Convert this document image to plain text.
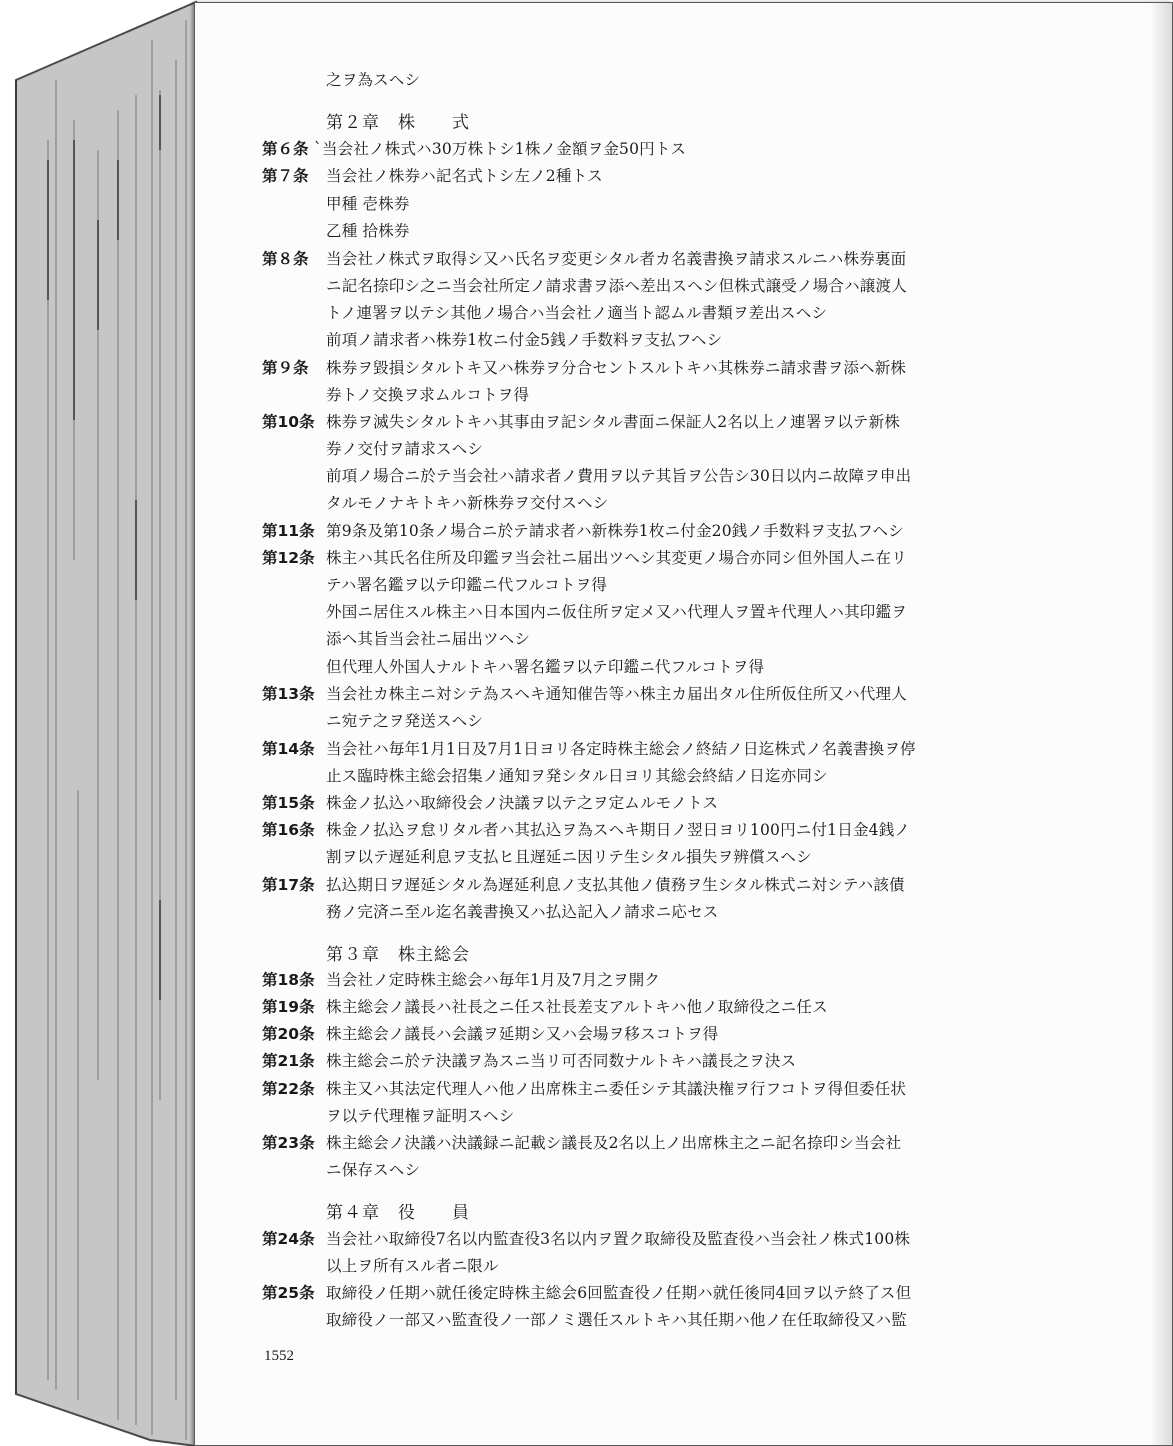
之ヲ為スヘシ
第２章　株　　式
第６条 `当会社ノ株式ハ30万株トシ1株ノ金額ヲ金50円トス
第７条 当会社ノ株券ハ記名式トシ左ノ2種トス
甲種 壱株券
乙種 拾株券
第８条 当会社ノ株式ヲ取得シ又ハ氏名ヲ変更シタル者カ名義書換ヲ請求スルニハ株券裏面
ニ記名捺印シ之ニ当会社所定ノ請求書ヲ添ヘ差出スヘシ但株式譲受ノ場合ハ譲渡人
トノ連署ヲ以テシ其他ノ場合ハ当会社ノ適当ト認ムル書類ヲ差出スヘシ
前項ノ請求者ハ株券1枚ニ付金5銭ノ手数料ヲ支払フヘシ
第９条 株券ヲ毀損シタルトキ又ハ株券ヲ分合セントスルトキハ其株券ニ請求書ヲ添ヘ新株
券トノ交換ヲ求ムルコトヲ得
第10条 株券ヲ滅失シタルトキハ其事由ヲ記シタル書面ニ保証人2名以上ノ連署ヲ以テ新株
券ノ交付ヲ請求スヘシ
前項ノ場合ニ於テ当会社ハ請求者ノ費用ヲ以テ其旨ヲ公告シ30日以内ニ故障ヲ申出
タルモノナキトキハ新株券ヲ交付スヘシ
第11条 第9条及第10条ノ場合ニ於テ請求者ハ新株券1枚ニ付金20銭ノ手数料ヲ支払フヘシ
第12条 株主ハ其氏名住所及印鑑ヲ当会社ニ届出ツヘシ其変更ノ場合亦同シ但外国人ニ在リ
テハ署名鑑ヲ以テ印鑑ニ代フルコトヲ得
外国ニ居住スル株主ハ日本国内ニ仮住所ヲ定メ又ハ代理人ヲ置キ代理人ハ其印鑑ヲ
添ヘ其旨当会社ニ届出ツヘシ
但代理人外国人ナルトキハ署名鑑ヲ以テ印鑑ニ代フルコトヲ得
第13条 当会社カ株主ニ対シテ為スヘキ通知催告等ハ株主カ届出タル住所仮住所又ハ代理人
ニ宛テ之ヲ発送スヘシ
第14条 当会社ハ毎年1月1日及7月1日ヨリ各定時株主総会ノ終結ノ日迄株式ノ名義書換ヲ停
止ス臨時株主総会招集ノ通知ヲ発シタル日ヨリ其総会終結ノ日迄亦同シ
第15条 株金ノ払込ハ取締役会ノ決議ヲ以テ之ヲ定ムルモノトス
第16条 株金ノ払込ヲ怠リタル者ハ其払込ヲ為スヘキ期日ノ翌日ヨリ100円ニ付1日金4銭ノ
割ヲ以テ遅延利息ヲ支払ヒ且遅延ニ因リテ生シタル損失ヲ辨償スヘシ
第17条 払込期日ヲ遅延シタル為遅延利息ノ支払其他ノ債務ヲ生シタル株式ニ対シテハ該債
務ノ完済ニ至ル迄名義書換又ハ払込記入ノ請求ニ応セス
第３章　株主総会
第18条 当会社ノ定時株主総会ハ毎年1月及7月之ヲ開ク
第19条 株主総会ノ議長ハ社長之ニ任ス社長差支アルトキハ他ノ取締役之ニ任ス
第20条 株主総会ノ議長ハ会議ヲ延期シ又ハ会場ヲ移スコトヲ得
第21条 株主総会ニ於テ決議ヲ為スニ当リ可否同数ナルトキハ議長之ヲ決ス
第22条 株主又ハ其法定代理人ハ他ノ出席株主ニ委任シテ其議決権ヲ行フコトヲ得但委任状
ヲ以テ代理権ヲ証明スヘシ
第23条 株主総会ノ決議ハ決議録ニ記載シ議長及2名以上ノ出席株主之ニ記名捺印シ当会社
ニ保存スヘシ
第４章　役　　員
第24条 当会社ハ取締役7名以内監査役3名以内ヲ置ク取締役及監査役ハ当会社ノ株式100株
以上ヲ所有スル者ニ限ル
第25条 取締役ノ任期ハ就任後定時株主総会6回監査役ノ任期ハ就任後同4回ヲ以テ終了ス但
取締役ノ一部又ハ監査役ノ一部ノミ選任スルトキハ其任期ハ他ノ在任取締役又ハ監
1552
